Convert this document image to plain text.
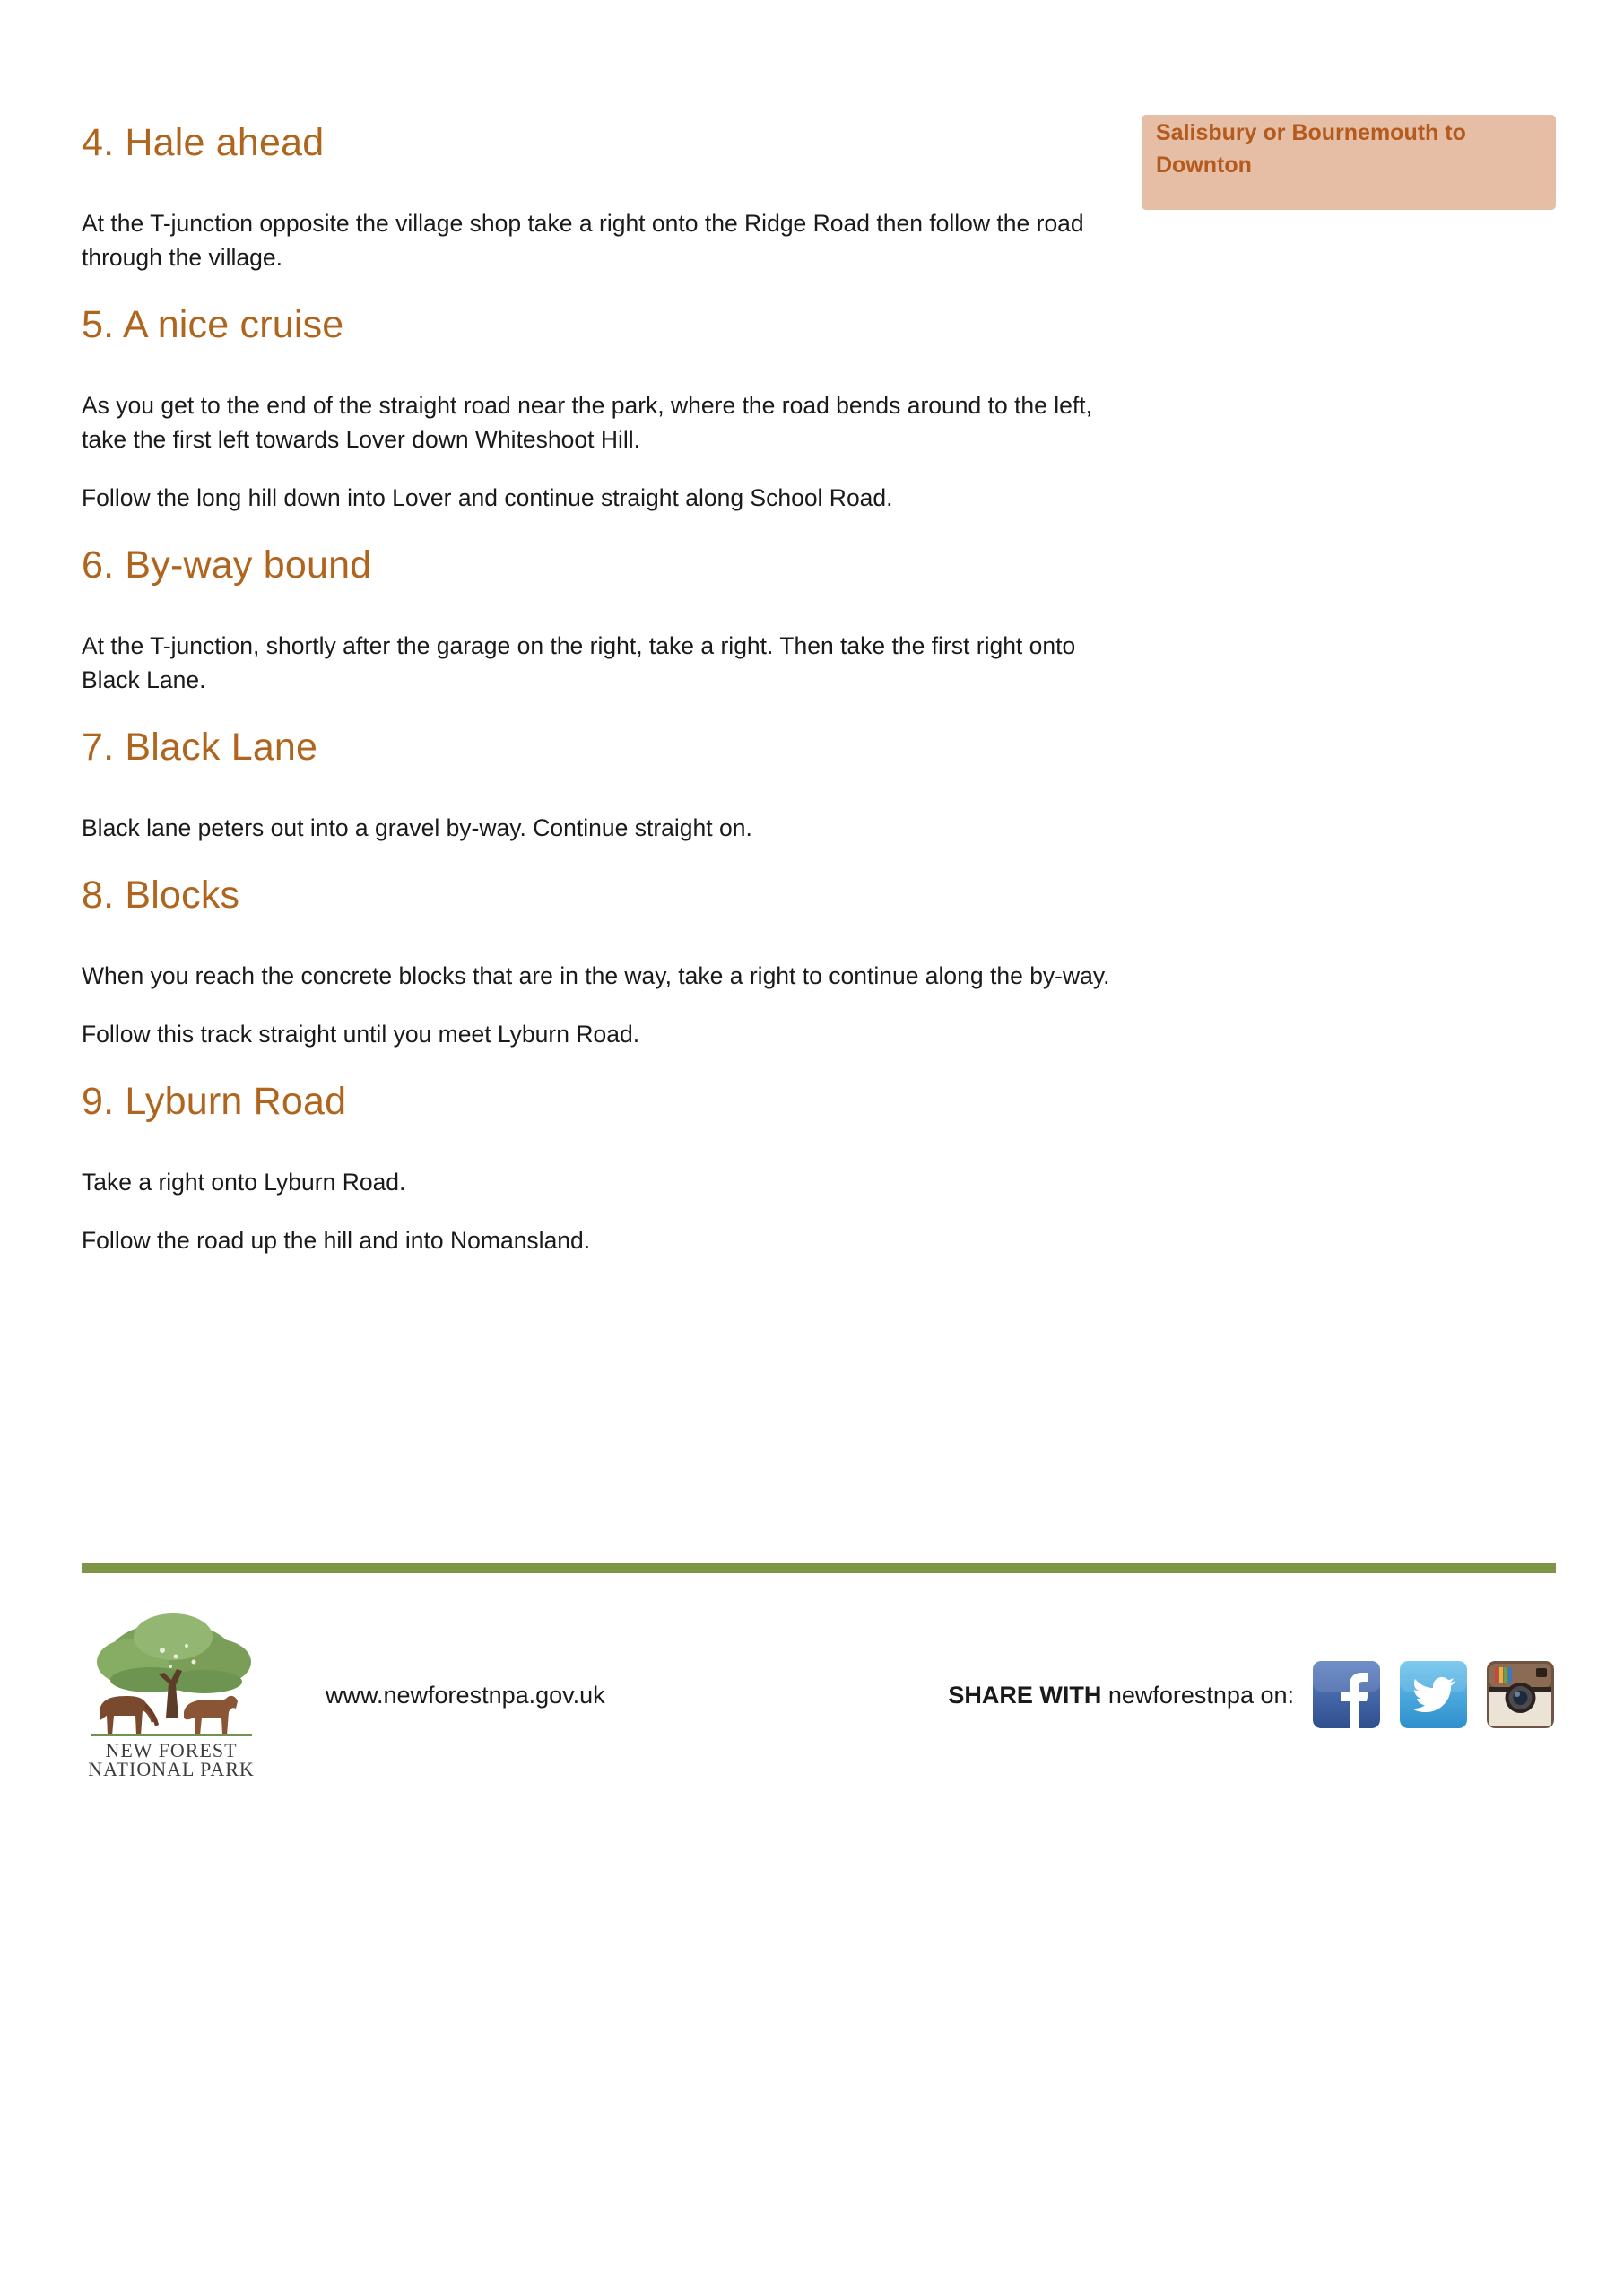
4. Hale ahead

At the T-junction opposite the village shop take a right onto the Ridge Road then follow the road through the village.

5. A nice cruise

As you get to the end of the straight road near the park, where the road bends around to the left, take the first left towards Lover down Whiteshoot Hill.

Follow the long hill down into Lover and continue straight along School Road.

6. By-way bound

At the T-junction, shortly after the garage on the right, take a right. Then take the first right onto Black Lane.

7. Black Lane

Black lane peters out into a gravel by-way. Continue straight on.

8. Blocks

When you reach the concrete blocks that are in the way, take a right to continue along the by-way.

Follow this track straight until you meet Lyburn Road.

9. Lyburn Road

Take a right onto Lyburn Road.

Follow the road up the hill and into Nomansland.

Salisbury or Bournemouth to Downton

NEW FOREST
NATIONAL PARK
www.newforestnpa.gov.uk	SHARE WITH newforestnpa on:
